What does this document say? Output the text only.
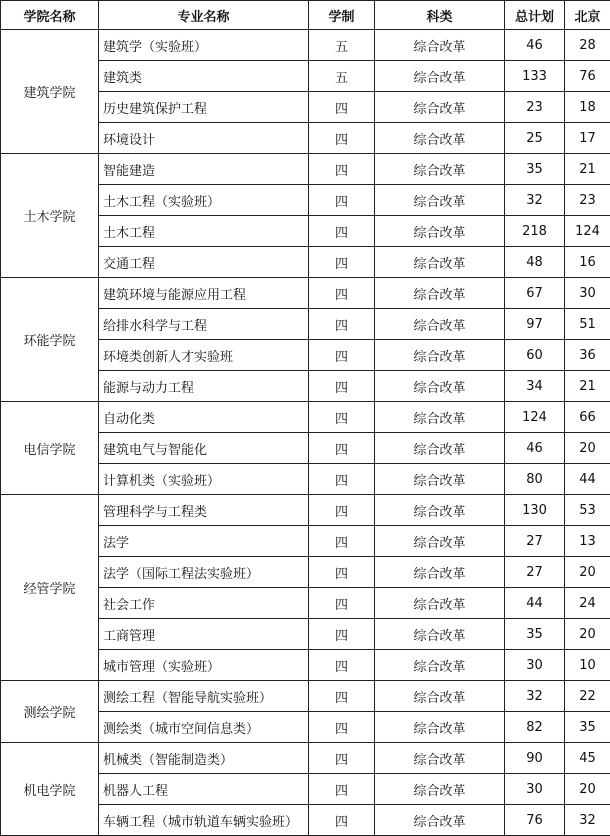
学院名称	专业名称	学制	科类	总计划	北京
建筑学院	建筑学（实验班）	五	综合改革	46	28
	建筑类	五	综合改革	133	76
	历史建筑保护工程	四	综合改革	23	18
	环境设计	四	综合改革	25	17
土木学院	智能建造	四	综合改革	35	21
	土木工程（实验班）	四	综合改革	32	23
	土木工程	四	综合改革	218	124
	交通工程	四	综合改革	48	16
环能学院	建筑环境与能源应用工程	四	综合改革	67	30
	给排水科学与工程	四	综合改革	97	51
	环境类创新人才实验班	四	综合改革	60	36
	能源与动力工程	四	综合改革	34	21
电信学院	自动化类	四	综合改革	124	66
	建筑电气与智能化	四	综合改革	46	20
	计算机类（实验班）	四	综合改革	80	44
经管学院	管理科学与工程类	四	综合改革	130	53
	法学	四	综合改革	27	13
	法学（国际工程法实验班）	四	综合改革	27	20
	社会工作	四	综合改革	44	24
	工商管理	四	综合改革	35	20
	城市管理（实验班）	四	综合改革	30	10
测绘学院	测绘工程（智能导航实验班）	四	综合改革	32	22
	测绘类（城市空间信息类）	四	综合改革	82	35
机电学院	机械类（智能制造类）	四	综合改革	90	45
	机器人工程	四	综合改革	30	20
	车辆工程（城市轨道车辆实验班）	四	综合改革	76	32
